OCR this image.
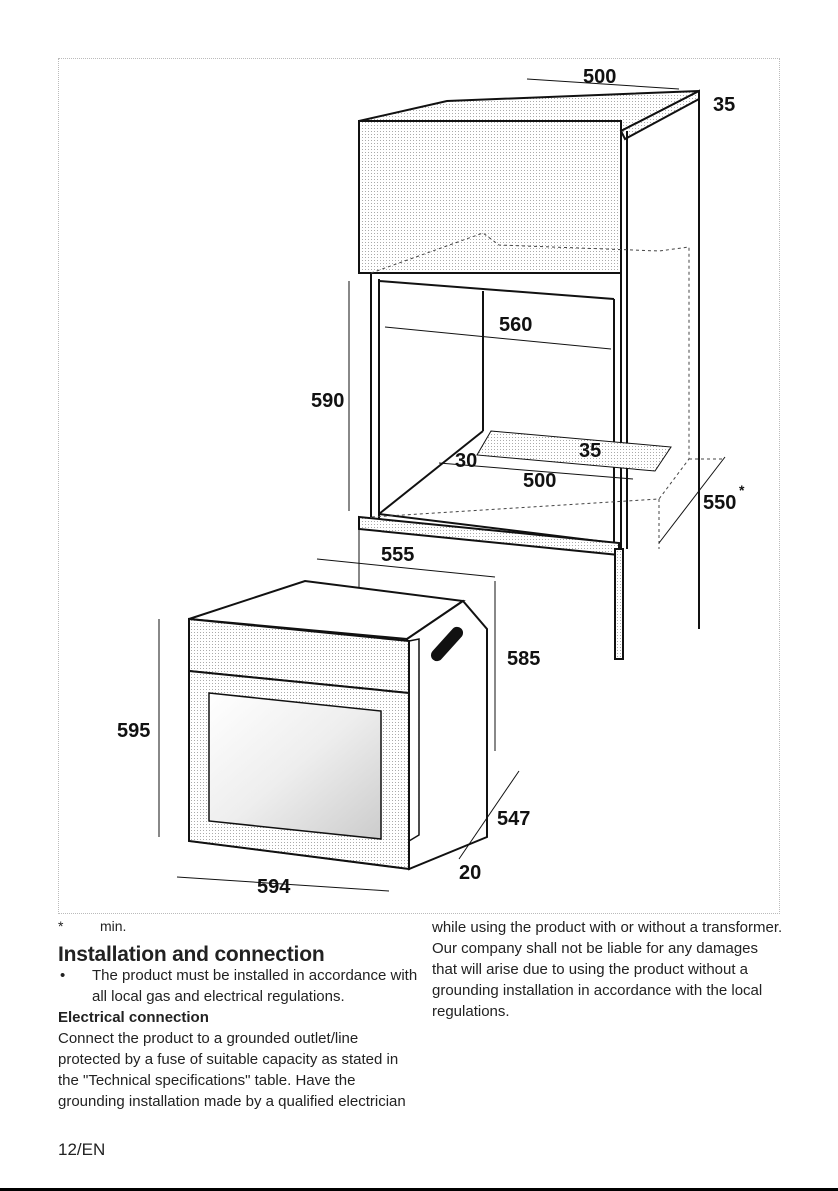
500
35
560
590
30	35
500
550
*
555
585
595
547
20
594
*	min.
Installation and connection
•	The product must be installed in accordance with all local gas and electrical regulations.
Electrical connection

Connect the product to a grounded outlet/line protected by a fuse of suitable capacity as stated in the "Technical specifications" table. Have the grounding installation made by a qualified electrician

while using the product with or without a transformer. Our company shall not be liable for any damages that will arise due to using the product without a grounding installation in accordance with the local regulations.

12/EN
